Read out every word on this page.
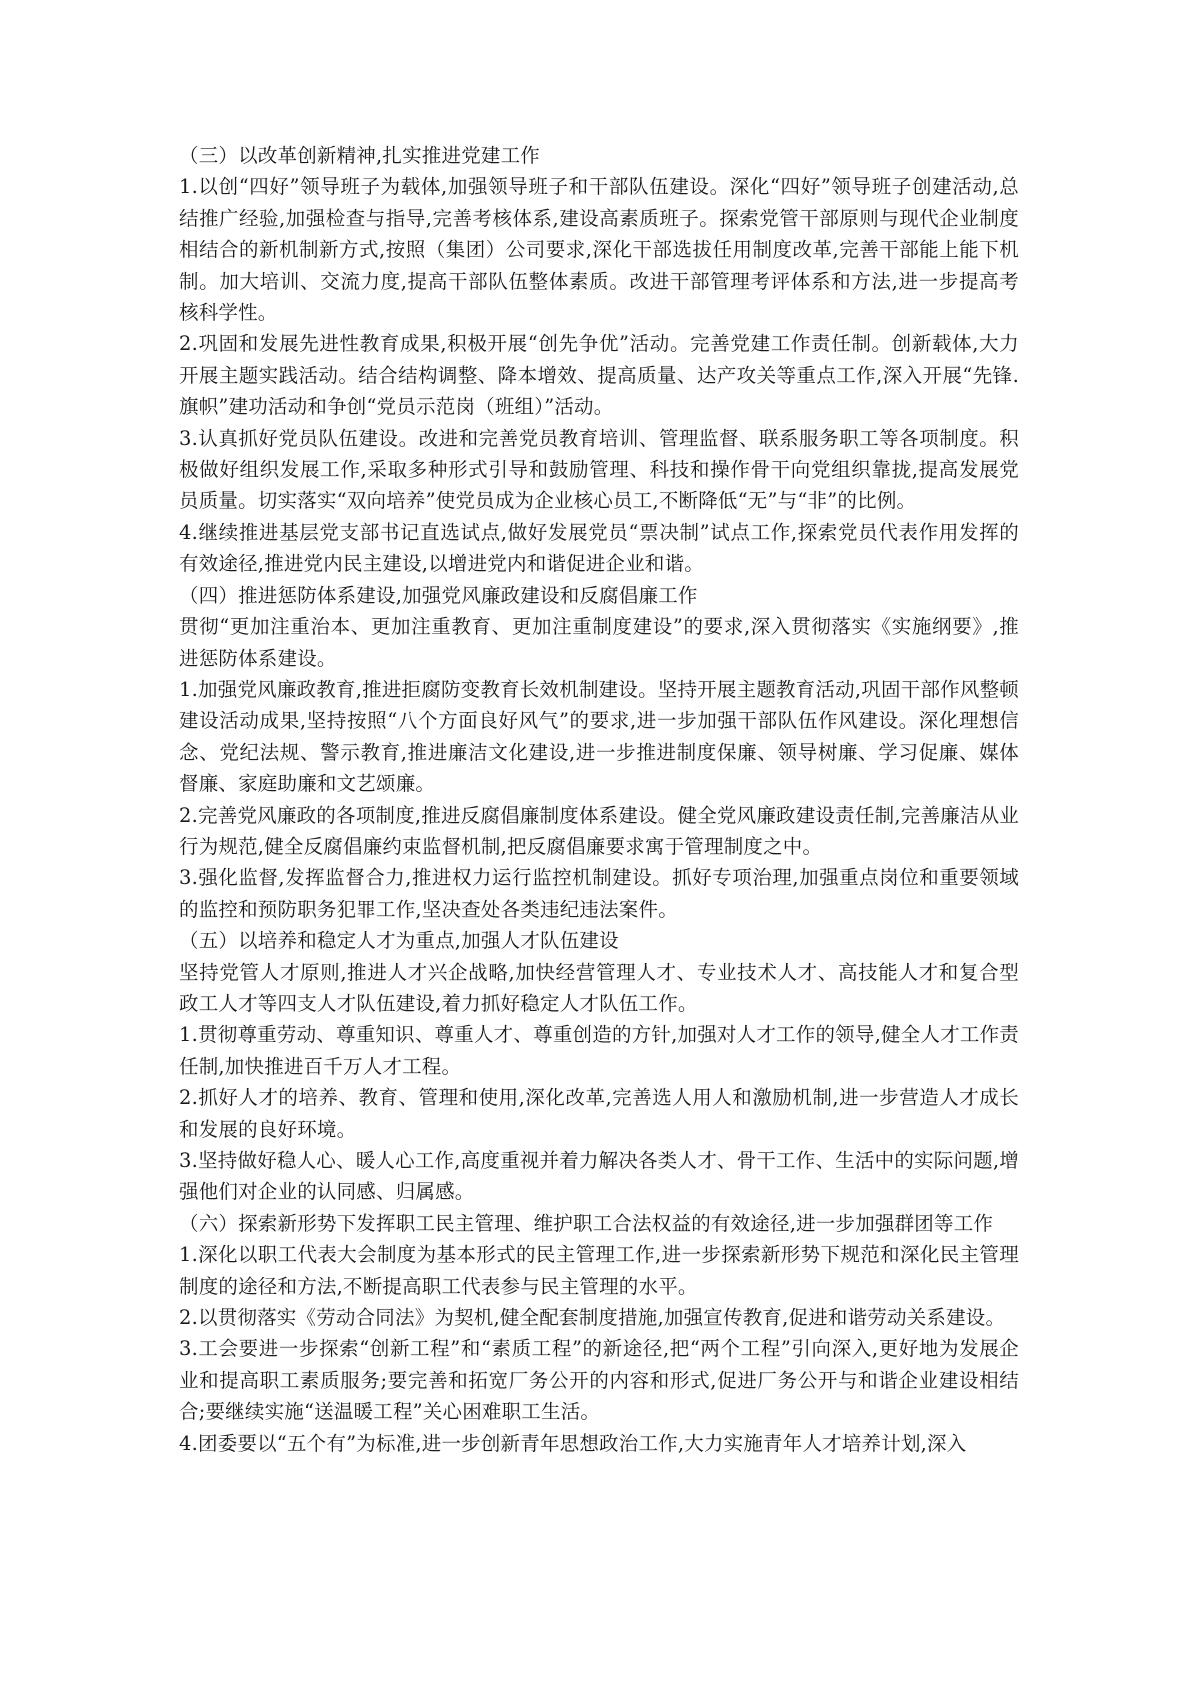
（三）以改革创新精神,扎实推进党建工作

1.以创“四好”领导班子为载体,加强领导班子和干部队伍建设。深化“四好”领导班子创建活动,总结推广经验,加强检查与指导,完善考核体系,建设高素质班子。探索党管干部原则与现代企业制度相结合的新机制新方式,按照（集团）公司要求,深化干部选拔任用制度改革,完善干部能上能下机制。加大培训、交流力度,提高干部队伍整体素质。改进干部管理考评体系和方法,进一步提高考核科学性。

2.巩固和发展先进性教育成果,积极开展“创先争优”活动。完善党建工作责任制。创新载体,大力开展主题实践活动。结合结构调整、降本增效、提高质量、达产攻关等重点工作,深入开展“先锋.旗帜”建功活动和争创“党员示范岗（班组）”活动。

3.认真抓好党员队伍建设。改进和完善党员教育培训、管理监督、联系服务职工等各项制度。积极做好组织发展工作,采取多种形式引导和鼓励管理、科技和操作骨干向党组织靠拢,提高发展党员质量。切实落实“双向培养”使党员成为企业核心员工,不断降低“无”与“非”的比例。

4.继续推进基层党支部书记直选试点,做好发展党员“票决制”试点工作,探索党员代表作用发挥的有效途径,推进党内民主建设,以增进党内和谐促进企业和谐。

（四）推进惩防体系建设,加强党风廉政建设和反腐倡廉工作

贯彻“更加注重治本、更加注重教育、更加注重制度建设”的要求,深入贯彻落实《实施纲要》,推进惩防体系建设。

1.加强党风廉政教育,推进拒腐防变教育长效机制建设。坚持开展主题教育活动,巩固干部作风整顿建设活动成果,坚持按照“八个方面良好风气”的要求,进一步加强干部队伍作风建设。深化理想信念、党纪法规、警示教育,推进廉洁文化建设,进一步推进制度保廉、领导树廉、学习促廉、媒体督廉、家庭助廉和文艺颂廉。

2.完善党风廉政的各项制度,推进反腐倡廉制度体系建设。健全党风廉政建设责任制,完善廉洁从业行为规范,健全反腐倡廉约束监督机制,把反腐倡廉要求寓于管理制度之中。

3.强化监督,发挥监督合力,推进权力运行监控机制建设。抓好专项治理,加强重点岗位和重要领域的监控和预防职务犯罪工作,坚决查处各类违纪违法案件。

（五）以培养和稳定人才为重点,加强人才队伍建设

坚持党管人才原则,推进人才兴企战略,加快经营管理人才、专业技术人才、高技能人才和复合型政工人才等四支人才队伍建设,着力抓好稳定人才队伍工作。

1.贯彻尊重劳动、尊重知识、尊重人才、尊重创造的方针,加强对人才工作的领导,健全人才工作责任制,加快推进百千万人才工程。

2.抓好人才的培养、教育、管理和使用,深化改革,完善选人用人和激励机制,进一步营造人才成长和发展的良好环境。

3.坚持做好稳人心、暖人心工作,高度重视并着力解决各类人才、骨干工作、生活中的实际问题,增强他们对企业的认同感、归属感。

（六）探索新形势下发挥职工民主管理、维护职工合法权益的有效途径,进一步加强群团等工作

1.深化以职工代表大会制度为基本形式的民主管理工作,进一步探索新形势下规范和深化民主管理制度的途径和方法,不断提高职工代表参与民主管理的水平。

2.以贯彻落实《劳动合同法》为契机,健全配套制度措施,加强宣传教育,促进和谐劳动关系建设。

3.工会要进一步探索“创新工程”和“素质工程”的新途径,把“两个工程”引向深入,更好地为发展企业和提高职工素质服务;要完善和拓宽厂务公开的内容和形式,促进厂务公开与和谐企业建设相结合;要继续实施“送温暖工程”关心困难职工生活。

4.团委要以“五个有”为标准,进一步创新青年思想政治工作,大力实施青年人才培养计划,深入
